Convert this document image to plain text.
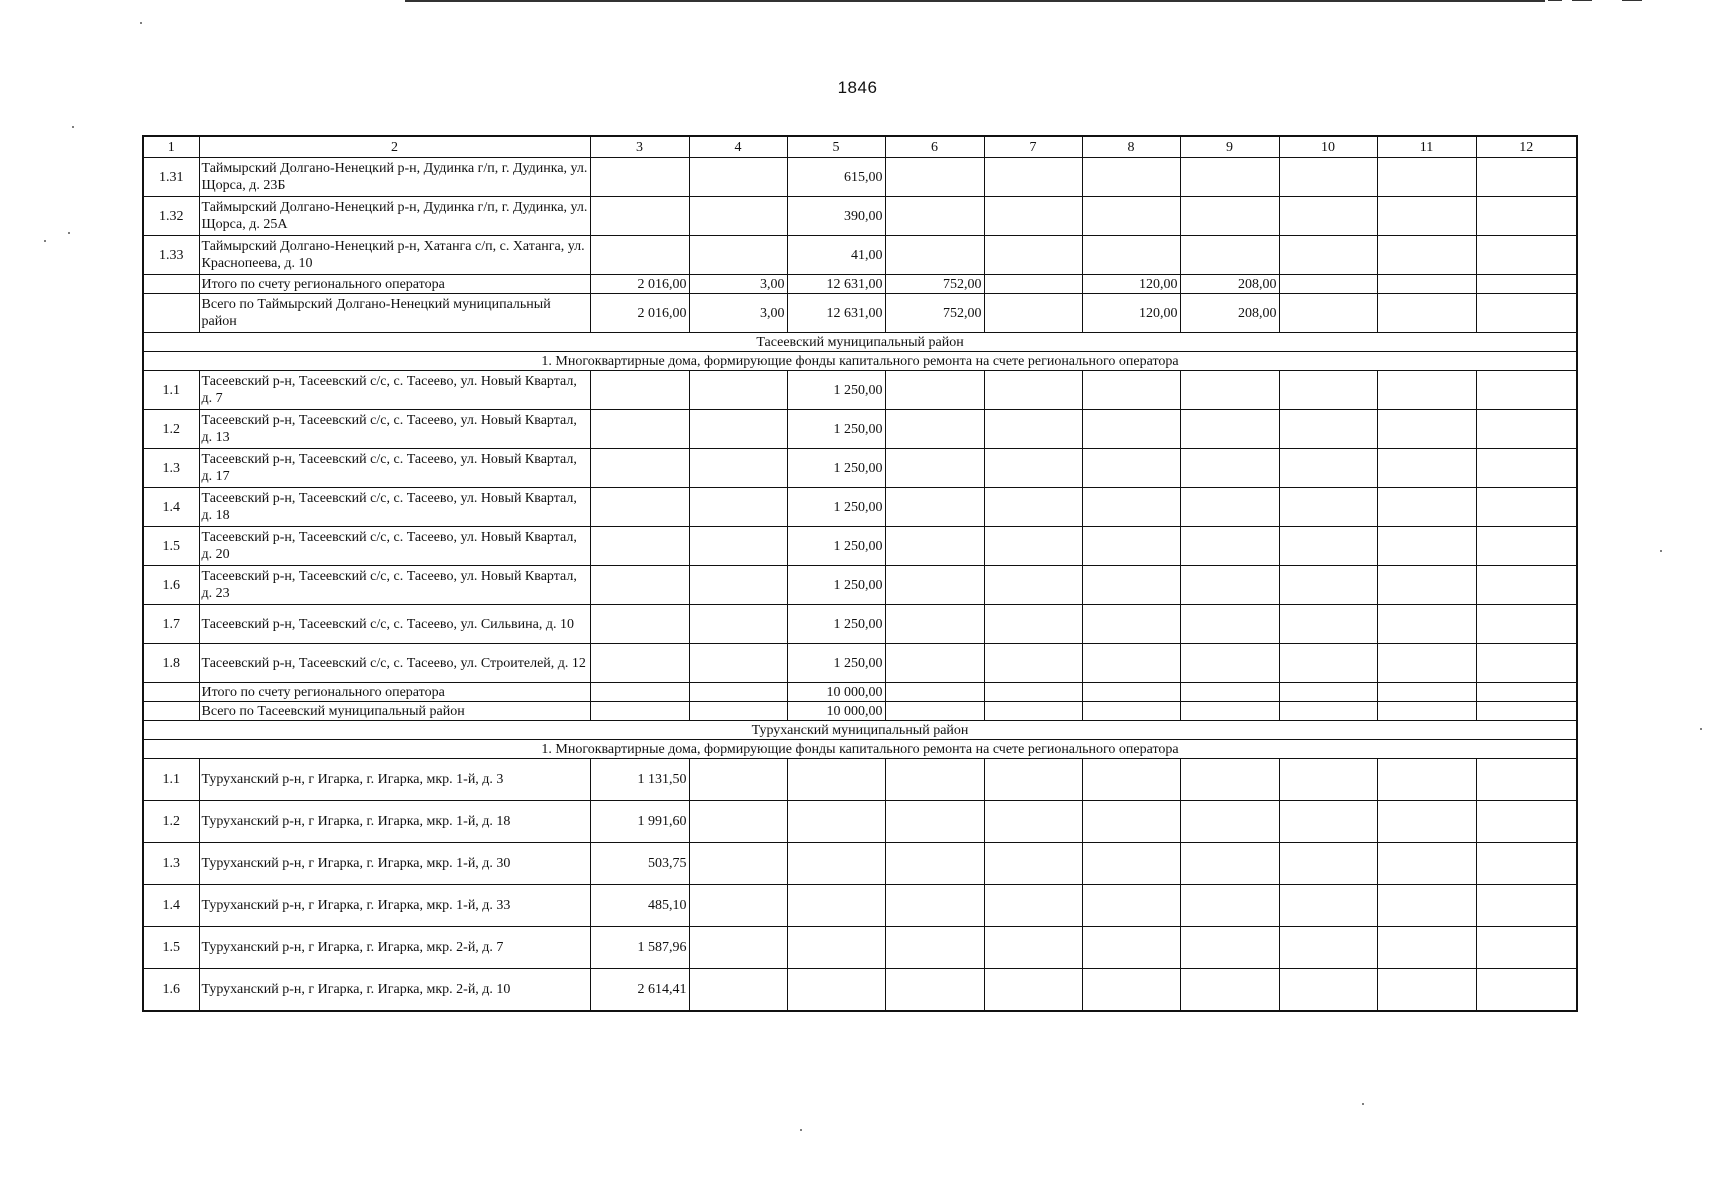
1846
1	2	3	4	5	6	7	8	9	10	11	12
1.31	Таймырский Долгано-Ненецкий р-н, Дудинка г/п, г. Дудинка, ул. Щорса, д. 23Б			615,00							
1.32	Таймырский Долгано-Ненецкий р-н, Дудинка г/п, г. Дудинка, ул. Щорса, д. 25А			390,00							
1.33	Таймырский Долгано-Ненецкий р-н, Хатанга с/п, с. Хатанга, ул. Краснопеева, д. 10			41,00							
	Итого по счету регионального оператора	2 016,00	3,00	12 631,00	752,00		120,00	208,00			
	Всего по Таймырский Долгано-Ненецкий муниципальный район	2 016,00	3,00	12 631,00	752,00		120,00	208,00			
Тасеевский муниципальный район											
1. Многоквартирные дома, формирующие фонды капитального ремонта на счете регионального оператора											
1.1	Тасеевский р-н, Тасеевский с/с, с. Тасеево, ул. Новый Квартал, д. 7			1 250,00							
1.2	Тасеевский р-н, Тасеевский с/с, с. Тасеево, ул. Новый Квартал, д. 13			1 250,00							
1.3	Тасеевский р-н, Тасеевский с/с, с. Тасеево, ул. Новый Квартал, д. 17			1 250,00							
1.4	Тасеевский р-н, Тасеевский с/с, с. Тасеево, ул. Новый Квартал, д. 18			1 250,00							
1.5	Тасеевский р-н, Тасеевский с/с, с. Тасеево, ул. Новый Квартал, д. 20			1 250,00							
1.6	Тасеевский р-н, Тасеевский с/с, с. Тасеево, ул. Новый Квартал, д. 23			1 250,00							
1.7	Тасеевский р-н, Тасеевский с/с, с. Тасеево, ул. Сильвина, д. 10			1 250,00							
1.8	Тасеевский р-н, Тасеевский с/с, с. Тасеево, ул. Строителей, д. 12			1 250,00							
	Итого по счету регионального оператора			10 000,00							
	Всего по Тасеевский муниципальный район			10 000,00							
Туруханский муниципальный район											
1. Многоквартирные дома, формирующие фонды капитального ремонта на счете регионального оператора											
1.1	Туруханский р-н, г Игарка, г. Игарка, мкр. 1-й, д. 3	1 131,50									
1.2	Туруханский р-н, г Игарка, г. Игарка, мкр. 1-й, д. 18	1 991,60									
1.3	Туруханский р-н, г Игарка, г. Игарка, мкр. 1-й, д. 30	503,75									
1.4	Туруханский р-н, г Игарка, г. Игарка, мкр. 1-й, д. 33	485,10									
1.5	Туруханский р-н, г Игарка, г. Игарка, мкр. 2-й, д. 7	1 587,96									
1.6	Туруханский р-н, г Игарка, г. Игарка, мкр. 2-й, д. 10	2 614,41									
